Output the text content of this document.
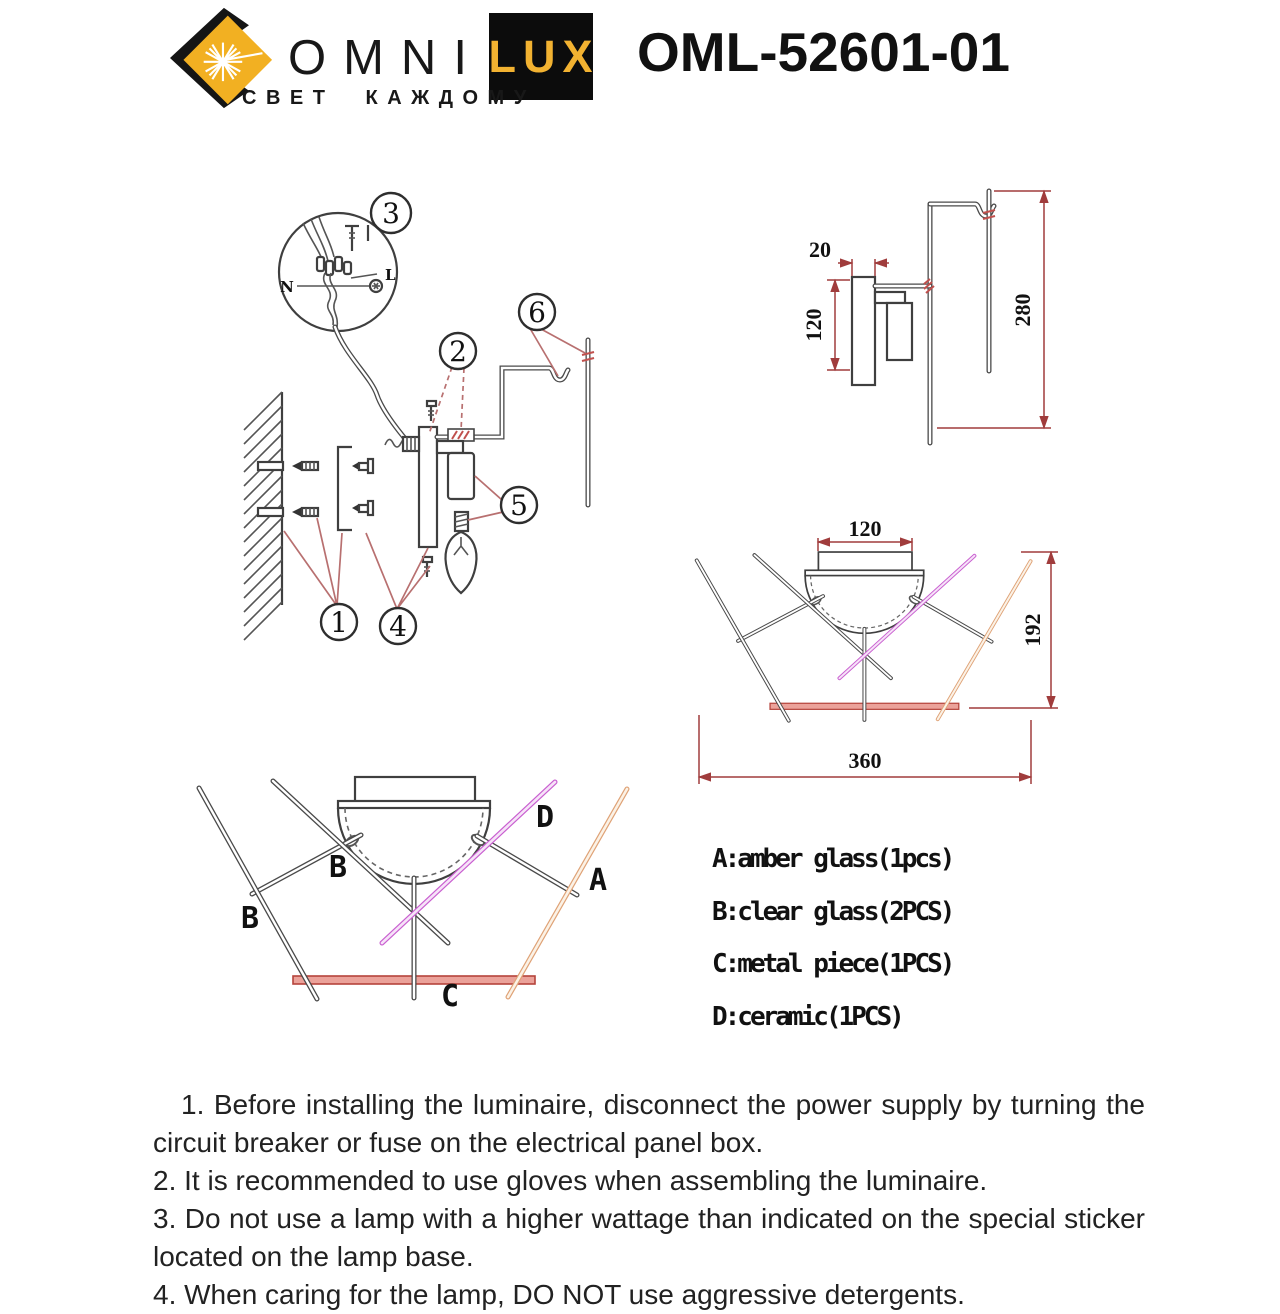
OMNI LUX
СВЕТ КАЖДОМУ
OML-52601-01
N
L
1
2
3
4
5
6
20
120	280
120
192
360
B
B
D
A
C
A:amber glass(1pcs)
B:clear glass(2PCS)
C:metal piece(1PCS)
D:ceramic(1PCS)

1. Before installing the luminaire, disconnect the power supply by turning the circuit breaker or fuse on the electrical panel box.

2. It is recommended to use gloves when assembling the luminaire.

3. Do not use a lamp with a higher wattage than indicated on the special sticker located on the lamp base.

4. When caring for the lamp, DO NOT use aggressive detergents.
